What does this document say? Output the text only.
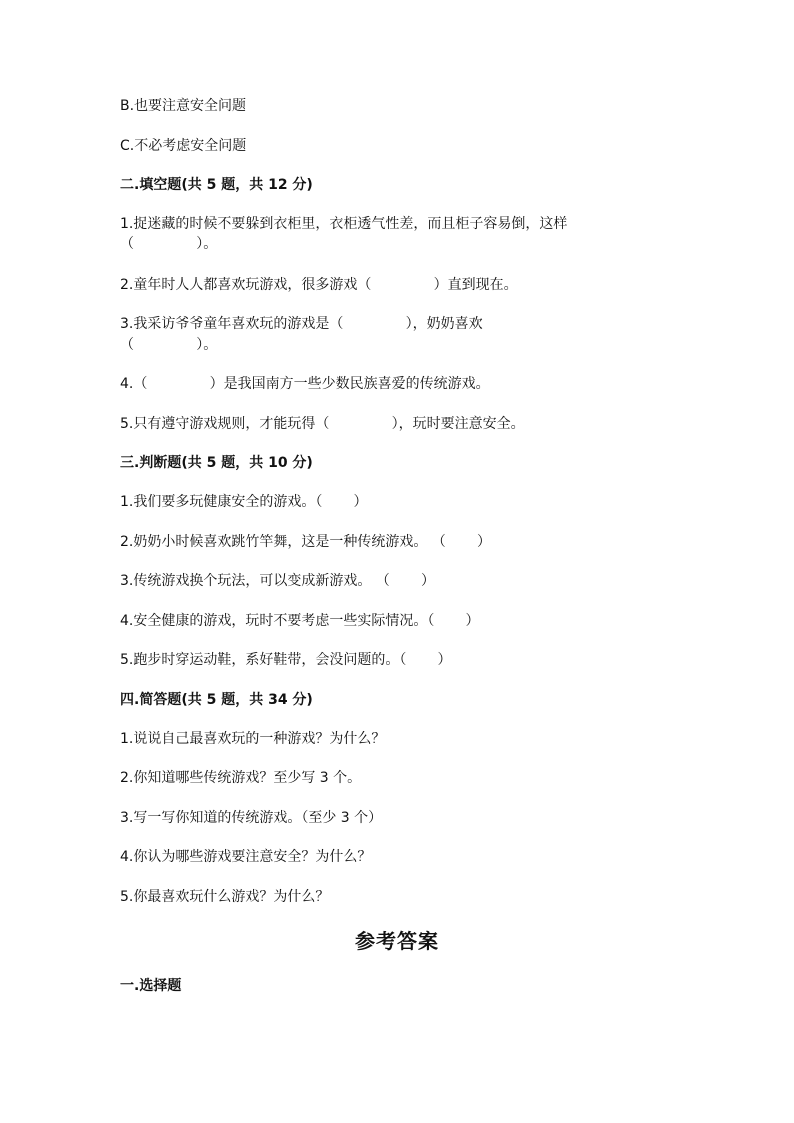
B.也要注意安全问题
C.不必考虑安全问题
二.填空题(共 5 题，共 12 分)
1.捉迷藏的时候不要躲到衣柜里，衣柜透气性差，而且柜子容易倒，这样
（              ）。
2.童年时人人都喜欢玩游戏，很多游戏（              ）直到现在。
3.我采访爷爷童年喜欢玩的游戏是（              ），奶奶喜欢
（              ）。
4.（              ）是我国南方一些少数民族喜爱的传统游戏。
5.只有遵守游戏规则，才能玩得（              ），玩时要注意安全。
三.判断题(共 5 题，共 10 分)
1.我们要多玩健康安全的游戏。（       ）
2.奶奶小时候喜欢跳竹竿舞，这是一种传统游戏。 （       ）
3.传统游戏换个玩法，可以变成新游戏。 （       ）
4.安全健康的游戏，玩时不要考虑一些实际情况。（       ）
5.跑步时穿运动鞋，系好鞋带，会没问题的。（       ）
四.简答题(共 5 题，共 34 分)
1.说说自己最喜欢玩的一种游戏？为什么？
2.你知道哪些传统游戏？至少写 3 个。
3.写一写你知道的传统游戏。（至少 3 个）
4.你认为哪些游戏要注意安全？为什么？
5.你最喜欢玩什么游戏？为什么？
参考答案
一.选择题
